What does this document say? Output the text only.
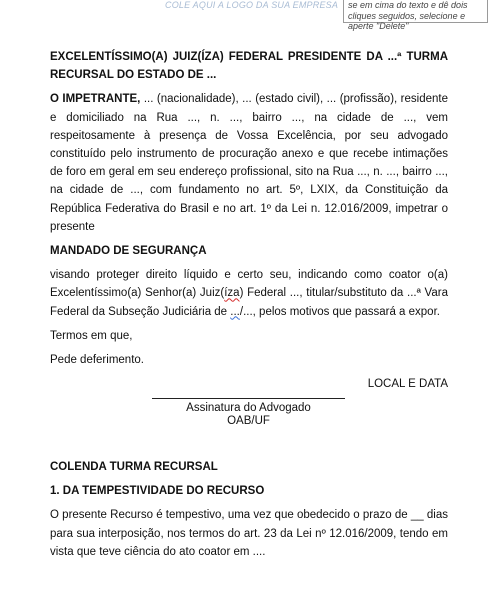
COLE AQUI A LOGO DA SUA EMPRESA	se em cima do texto e dê dois cliques seguidos, selecione e aperte "Delete"

EXCELENTÍSSIMO(A) JUIZ(ÍZA) FEDERAL PRESIDENTE DA ...ª TURMA RECURSAL DO ESTADO DE ...

O IMPETRANTE, ... (nacionalidade), ... (estado civil), ... (profissão), residente e domiciliado na Rua ..., n. ..., bairro ..., na cidade de ..., vem respeitosamente à presença de Vossa Excelência, por seu advogado constituído pelo instrumento de procuração anexo e que recebe intimações de foro em geral em seu endereço profissional, sito na Rua ..., n. ..., bairro ..., na cidade de ..., com fundamento no art. 5º, LXIX, da Constituição da República Federativa do Brasil e no art. 1º da Lei n. 12.016/2009, impetrar o presente

MANDADO DE SEGURANÇA

visando proteger direito líquido e certo seu, indicando como coator o(a) Excelentíssimo(a) Senhor(a) Juiz(íza) Federal ..., titular/substituto da ...ª Vara Federal da Subseção Judiciária de .../..., pelos motivos que passará a expor.

Termos em que,

Pede deferimento.

LOCAL E DATA

Assinatura do Advogado
OAB/UF

COLENDA TURMA RECURSAL

1. DA TEMPESTIVIDADE DO RECURSO

O presente Recurso é tempestivo, uma vez que obedecido o prazo de __ dias para sua interposição, nos termos do art. 23 da Lei nº 12.016/2009, tendo em vista que teve ciência do ato coator em ....
